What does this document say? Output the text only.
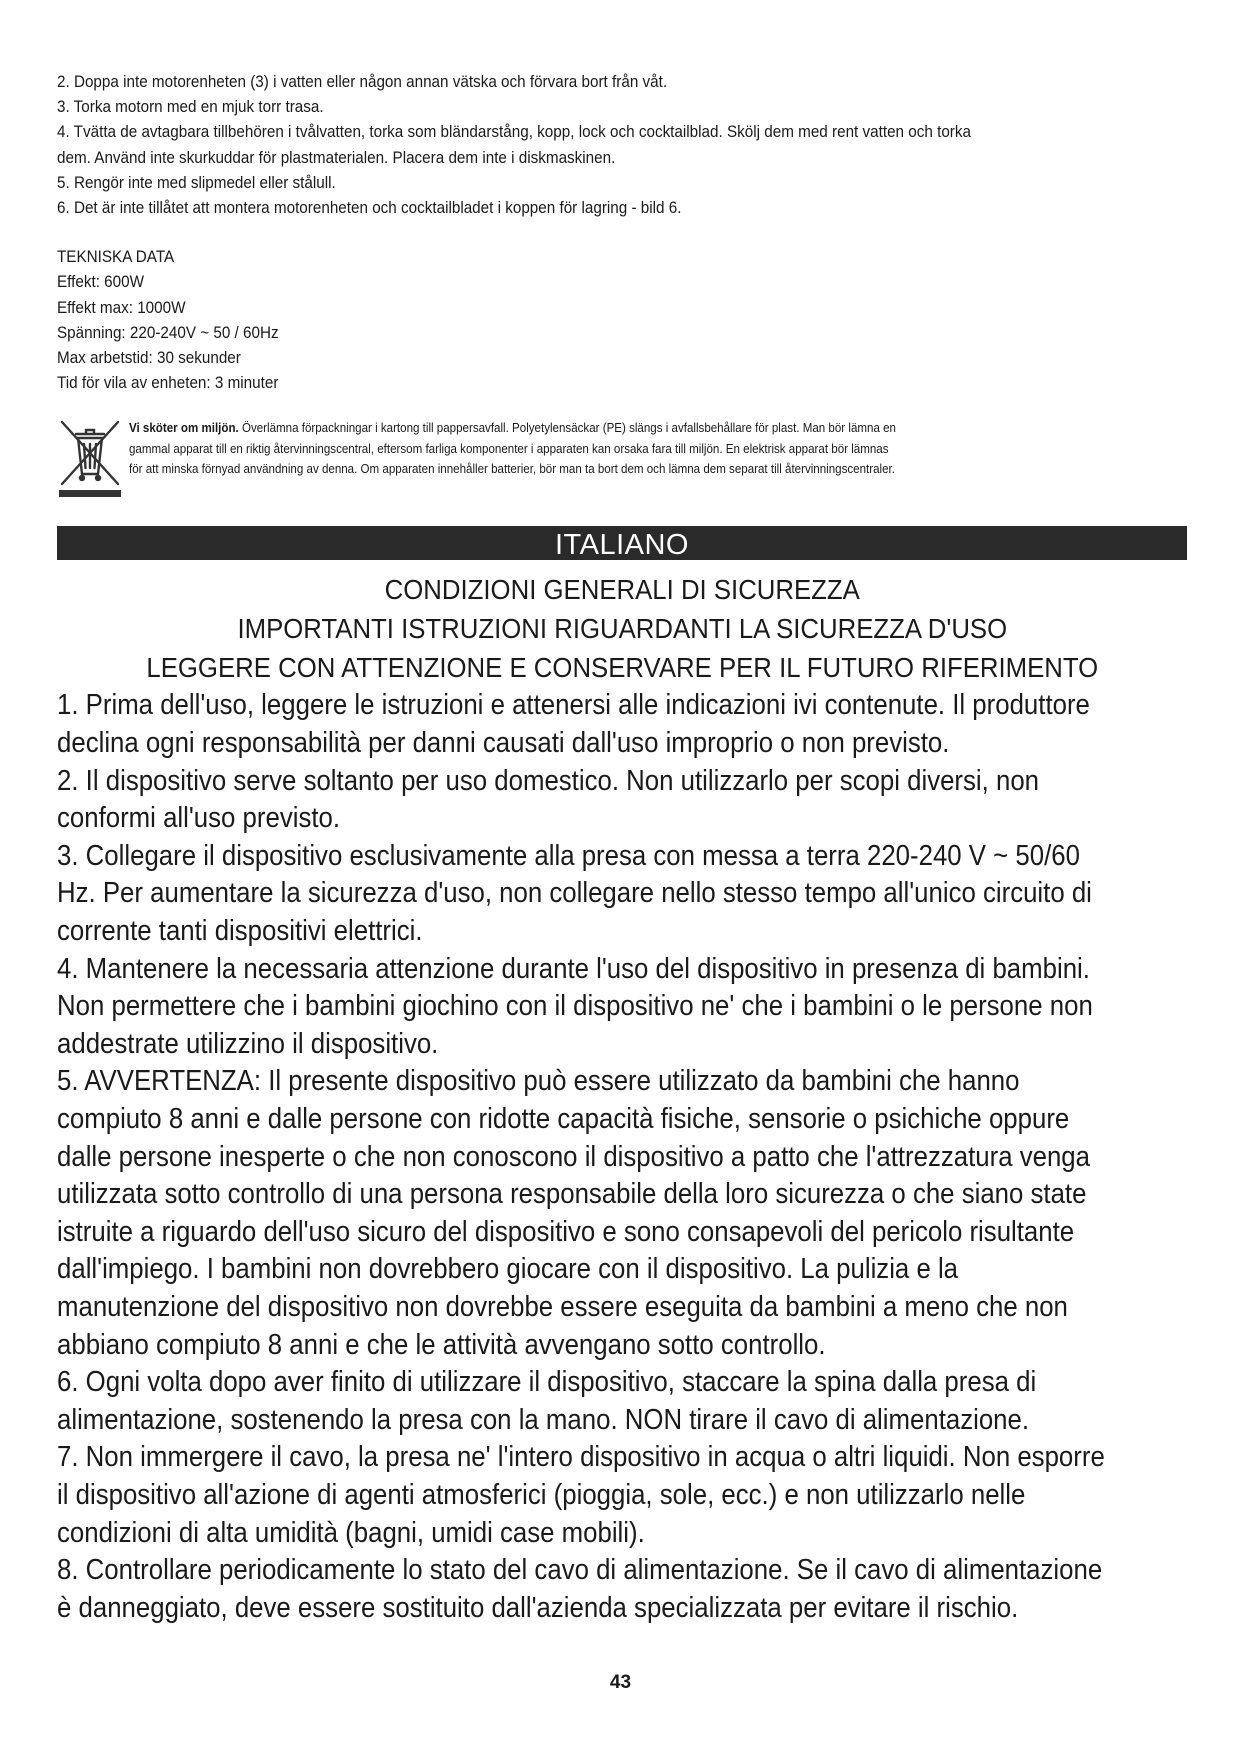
2. Doppa inte motorenheten (3) i vatten eller någon annan vätska och förvara bort från våt.

3. Torka motorn med en mjuk torr trasa.

4. Tvätta de avtagbara tillbehören i tvålvatten, torka som bländarstång, kopp, lock och cocktailblad. Skölj dem med rent vatten och torka

dem. Använd inte skurkuddar för plastmaterialen. Placera dem inte i diskmaskinen.

5. Rengör inte med slipmedel eller stålull.

6. Det är inte tillåtet att montera motorenheten och cocktailbladet i koppen för lagring - bild 6.

TEKNISKA DATA

Effekt: 600W

Effekt max: 1000W

Spänning: 220-240V ~ 50 / 60Hz

Max arbetstid: 30 sekunder

Tid för vila av enheten: 3 minuter

Vi sköter om miljön. Överlämna förpackningar i kartong till pappersavfall. Polyetylensäckar (PE) slängs i avfallsbehållare för plast. Man bör lämna en
gammal apparat till en riktig återvinningscentral, eftersom farliga komponenter i apparaten kan orsaka fara till miljön. En elektrisk apparat bör lämnas
för att minska förnyad användning av denna. Om apparaten innehåller batterier, bör man ta bort dem och lämna dem separat till återvinningscentraler.

ITALIANO

CONDIZIONI GENERALI DI SICUREZZA

IMPORTANTI ISTRUZIONI RIGUARDANTI LA SICUREZZA D'USO

LEGGERE CON ATTENZIONE E CONSERVARE PER IL FUTURO RIFERIMENTO

1. Prima dell'uso, leggere le istruzioni e attenersi alle indicazioni ivi contenute. Il produttore

declina ogni responsabilità per danni causati dall'uso improprio o non previsto.

2. Il dispositivo serve soltanto per uso domestico. Non utilizzarlo per scopi diversi, non

conformi all'uso previsto.

3. Collegare il dispositivo esclusivamente alla presa con messa a terra 220-240 V ~ 50/60

Hz. Per aumentare la sicurezza d'uso, non collegare nello stesso tempo all'unico circuito di

corrente tanti dispositivi elettrici.

4. Mantenere la necessaria attenzione durante l'uso del dispositivo in presenza di bambini.

Non permettere che i bambini giochino con il dispositivo ne' che i bambini o le persone non

addestrate utilizzino il dispositivo.

5. AVVERTENZA: Il presente dispositivo può essere utilizzato da bambini che hanno

compiuto 8 anni e dalle persone con ridotte capacità fisiche, sensorie o psichiche oppure

dalle persone inesperte o che non conoscono il dispositivo a patto che l'attrezzatura venga

utilizzata sotto controllo di una persona responsabile della loro sicurezza o che siano state

istruite a riguardo dell'uso sicuro del dispositivo e sono consapevoli del pericolo risultante

dall'impiego. I bambini non dovrebbero giocare con il dispositivo. La pulizia e la

manutenzione del dispositivo non dovrebbe essere eseguita da bambini a meno che non

abbiano compiuto 8 anni e che le attività avvengano sotto controllo.

6. Ogni volta dopo aver finito di utilizzare il dispositivo, staccare la spina dalla presa di

alimentazione, sostenendo la presa con la mano. NON tirare il cavo di alimentazione.

7. Non immergere il cavo, la presa ne' l'intero dispositivo in acqua o altri liquidi. Non esporre

il dispositivo all'azione di agenti atmosferici (pioggia, sole, ecc.) e non utilizzarlo nelle

condizioni di alta umidità (bagni, umidi case mobili).

8. Controllare periodicamente lo stato del cavo di alimentazione. Se il cavo di alimentazione

è danneggiato, deve essere sostituito dall'azienda specializzata per evitare il rischio.

43
